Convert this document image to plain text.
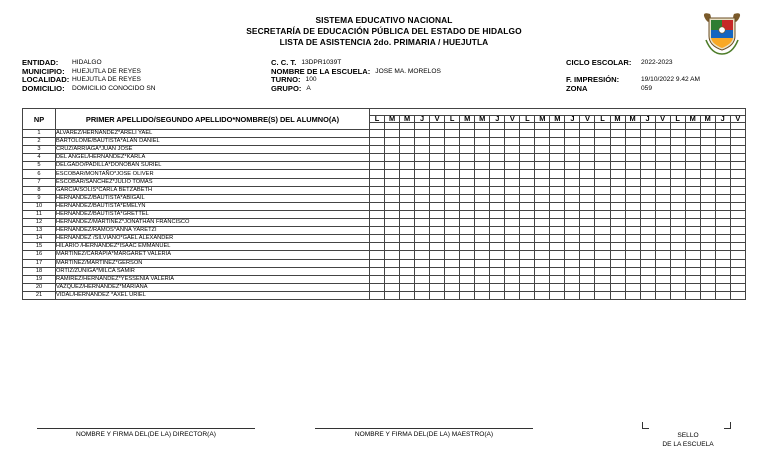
SISTEMA EDUCATIVO NACIONAL
SECRETARÍA DE EDUCACIÓN PÚBLICA DEL ESTADO DE HIDALGO
LISTA DE ASISTENCIA 2do. PRIMARIA / HUEJUTLA

ENTIDAD:	HIDALGO
MUNICIPIO:	HUEJUTLA DE REYES
LOCALIDAD: HUEJUTLA DE REYES
DOMICILIO:	DOMICILIO CONOCIDO SN
C. C. T. 13DPR1039T
NOMBRE DE LA ESCUELA: JOSE MA. MORELOS
TURNO: 100
GRUPO: A
CICLO ESCOLAR:	2022-2023

F. IMPRESIÓN:	19/10/2022 9.42 AM
ZONA	059
NP	PRIMER APELLIDO/SEGUNDO APELLIDO*NOMBRE(S) DEL ALUMNO(A)																									
		L	M	M	J	V	L	M	M	J	V	L	M	M	J	V	L	M	M	J	V	L	M	M	J	V

1	ALVAREZ/HERNANDEZ*ARELI YAEL																									
2	BARTOLOME/BAUTISTA*ALAN DANIEL																									
3	CRUZ/ARRIAGA*JUAN JOSE																									
4	DEL ANGEL/HERNANDEZ*KARLA																									
5	DELGADO/PADILLA*DONOBAN SURIEL																									
6	ESCOBAR/MONTAÑO*JOSE OLIVER																									
7	ESCOBAR/SANCHEZ*JULIO TOMAS																									
8	GARCIA/SOLIS*CARLA BETZABETH																									
9	HERNANDEZ/BAUTISTA*ABIGAIL																									
10	HERNANDEZ/BAUTISTA*EMELYN																									
11	HERNANDEZ/BAUTISTA*GRETTEL																									
12	HERNANDEZ/MARTINEZ*JONATHAN FRANCISCO																									
13	HERNANDEZ/RAMOS*ANNA YARETZI																									
14	HERNANDEZ /SILVIANO*GAEL ALEXANDER																									
15	HILARIO /HERNANDEZ*ISAAC EMMANUEL																									
16	MARTINEZ/CARAPIA*MARGARET VALERIA																									
17	MARTINEZ/MARTINEZ*GERSON																									
18	ORTIZ/ZUÑIGA*MILCA SAMIR																									
19	RAMIREZ/HERNANDEZ*YESSENIA VALERIA																									
20	VAZQUEZ/HERNANDEZ*MARIANA																									
21	VIDAL/HERNANDEZ *AXEL URIEL																									
NOMBRE Y FIRMA DEL(DE LA) DIRECTOR(A)	NOMBRE Y FIRMA DEL(DE LA) MAESTRO(A)	SELLO
DE LA ESCUELA
